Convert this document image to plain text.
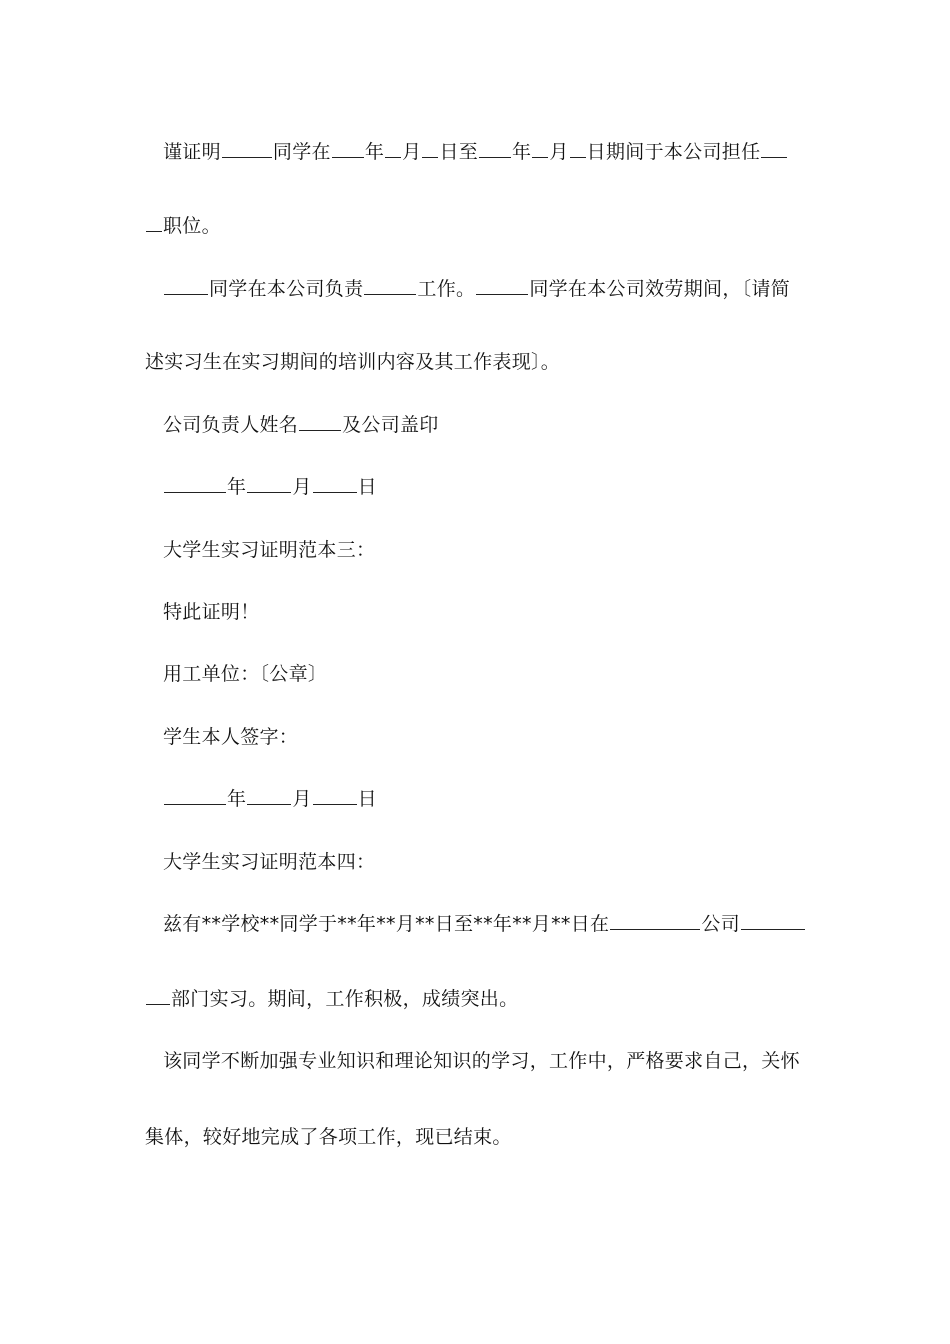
谨证明	同学在 年 月 日至 年 月 日期间于本公司担任
职位。
同学在本公司负责	工作。	同学在本公司效劳期间，〔请简
述实习生在实习期间的培训内容及其工作表现〕。
公司负责人姓名 及公司盖印
年 月 日
大学生实习证明范本三：
特此证明！
用工单位：〔公章〕
学生本人签字：
年 月 日
大学生实习证明范本四：
兹有**学校**同学于**年**月**日至**年**月**日在	公司
部门实习。期间，工作积极，成绩突出。
该同学不断加强专业知识和理论知识的学习，工作中，严格要求自己，关怀
集体，较好地完成了各项工作，现已结束。
